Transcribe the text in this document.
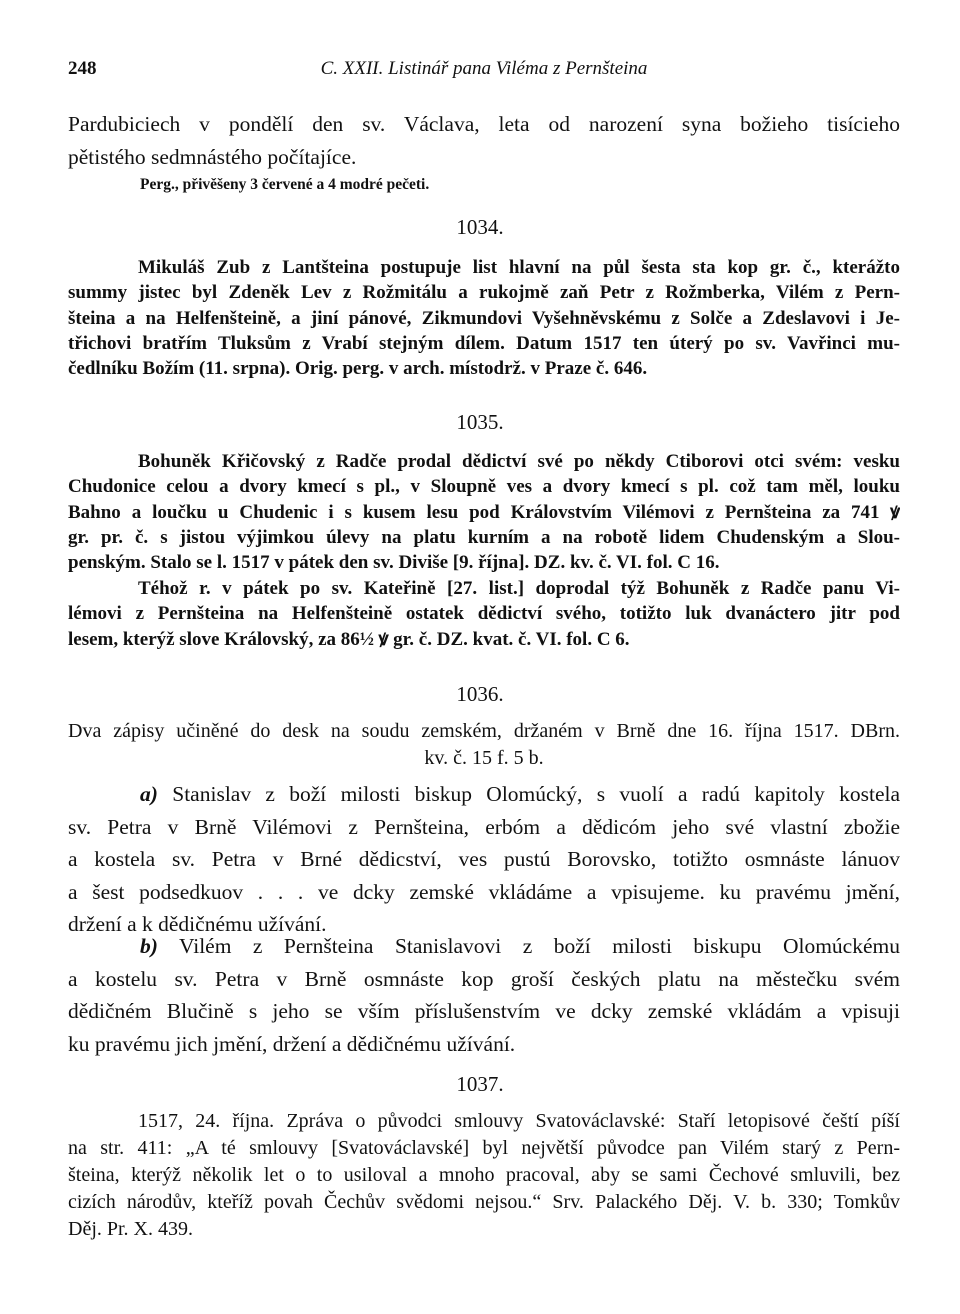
248	C. XXII. Listinář pana Viléma z Pernšteina
Pardubiciech v pondělí den sv. Václava, leta od narození syna božieho tisícieho
pětistého sedmnástého počítajíce.
Perg., přivěšeny 3 červené a 4 modré pečeti.
1034.
Mikuláš Zub z Lantšteina postupuje list hlavní na půl šesta sta kop gr. č., kterážto
summy jistec byl Zdeněk Lev z Rožmitálu a rukojmě zaň Petr z Rožmberka, Vilém z Pern-
šteina a na Helfenšteině, a jiní pánové, Zikmundovi Vyšehněvskému z Solče a Zdeslavovi i Je-
třichovi bratřím Tluksům z Vrabí stejným dílem. Datum 1517 ten úterý po sv. Vavřinci mu-
čedlníku Božím (11. srpna). Orig. perg. v arch. místodrž. v Praze č. 646.
1035.
Bohuněk Křičovský z Radče prodal dědictví své po někdy Ctiborovi otci svém: vesku
Chudonice celou a dvory kmecí s pl., v Sloupně ves a dvory kmecí s pl. což tam měl, louku
Bahno a loučku u Chudenic i s kusem lesu pod Královstvím Vilémovi z Pernšteina za 741 ꝟ
gr. pr. č. s jistou výjimkou úlevy na platu kurním a na robotě lidem Chudenským a Slou-
penským. Stalo se l. 1517 v pátek den sv. Diviše [9. října]. DZ. kv. č. VI. fol. C 16.
Téhož r. v pátek po sv. Kateřině [27. list.] doprodal týž Bohuněk z Radče panu Vi-
lémovi z Pernšteina na Helfenšteině ostatek dědictví svého, totižto luk dvanáctero jitr pod
lesem, kterýž slove Královský, za 86½ ꝟ gr. č. DZ. kvat. č. VI. fol. C 6.
1036.
Dva zápisy učiněné do desk na soudu zemském, držaném v Brně dne 16. října 1517. DBrn.
kv. č. 15 f. 5 b.
a) Stanislav z boží milosti biskup Olomúcký, s vuolí a radú kapitoly kostela
sv. Petra v Brně Vilémovi z Pernšteina, erbóm a dědicóm jeho své vlastní zbožie
a kostela sv. Petra v Brné dědicství, ves pustú Borovsko, totižto osmnáste lánuov
a šest podsedkuov . . . ve dcky zemské vkládáme a vpisujeme. ku pravému jmění,
držení a k dědičnému užívání.
b) Vilém z Pernšteina Stanislavovi z boží milosti biskupu Olomúckému
a kostelu sv. Petra v Brně osmnáste kop groší českých platu na městečku svém
dědičném Blučině s jeho se vším příslušenstvím ve dcky zemské vkládám a vpisuji
ku pravému jich jmění, držení a dědičnému užívání.
1037.
1517, 24. října. Zpráva o původci smlouvy Svatováclavské: Staří letopisové čeští píší
na str. 411: „A té smlouvy [Svatováclavské] byl největší původce pan Vilém starý z Pern-
šteina, kterýž několik let o to usiloval a mnoho pracoval, aby se sami Čechové smluvili, bez
cizích národův, kteříž povah Čechův svědomi nejsou.“ Srv. Palackého Děj. V. b. 330; Tomkův
Děj. Pr. X. 439.
